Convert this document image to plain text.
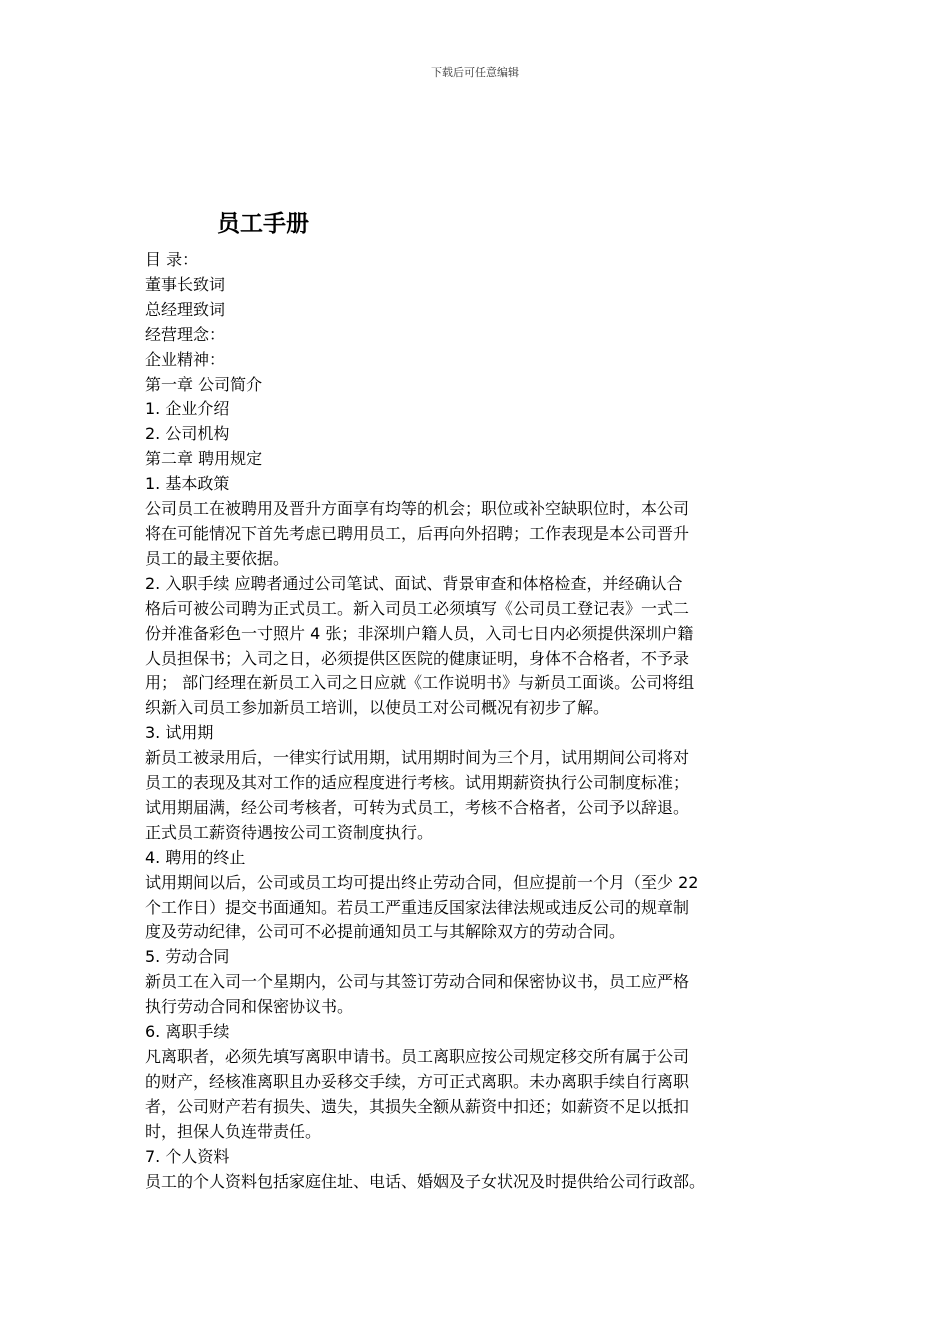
下载后可任意编辑
员工手册
目 录：
董事长致词
总经理致词
经营理念：
企业精神：
第一章 公司简介
1. 企业介绍
2. 公司机构
第二章 聘用规定
1. 基本政策
公司员工在被聘用及晋升方面享有均等的机会；职位或补空缺职位时，本公司
将在可能情况下首先考虑已聘用员工，后再向外招聘；工作表现是本公司晋升
员工的最主要依据。
2. 入职手续 应聘者通过公司笔试、面试、背景审查和体格检查，并经确认合
格后可被公司聘为正式员工。新入司员工必须填写《公司员工登记表》一式二
份并准备彩色一寸照片 4 张；非深圳户籍人员，入司七日内必须提供深圳户籍
人员担保书；入司之日，必须提供区医院的健康证明，身体不合格者，不予录
用； 部门经理在新员工入司之日应就《工作说明书》与新员工面谈。公司将组
织新入司员工参加新员工培训，以使员工对公司概况有初步了解。
3. 试用期
新员工被录用后，一律实行试用期，试用期时间为三个月，试用期间公司将对
员工的表现及其对工作的适应程度进行考核。试用期薪资执行公司制度标准；
试用期届满，经公司考核者，可转为式员工，考核不合格者，公司予以辞退。
正式员工薪资待遇按公司工资制度执行。
4. 聘用的终止
试用期间以后，公司或员工均可提出终止劳动合同，但应提前一个月（至少 22
个工作日）提交书面通知。若员工严重违反国家法律法规或违反公司的规章制
度及劳动纪律，公司可不必提前通知员工与其解除双方的劳动合同。
5. 劳动合同
新员工在入司一个星期内，公司与其签订劳动合同和保密协议书，员工应严格
执行劳动合同和保密协议书。
6. 离职手续
凡离职者，必须先填写离职申请书。员工离职应按公司规定移交所有属于公司
的财产，经核准离职且办妥移交手续，方可正式离职。未办离职手续自行离职
者，公司财产若有损失、遗失，其损失全额从薪资中扣还；如薪资不足以抵扣
时，担保人负连带责任。
7. 个人资料
员工的个人资料包括家庭住址、电话、婚姻及子女状况及时提供给公司行政部。
